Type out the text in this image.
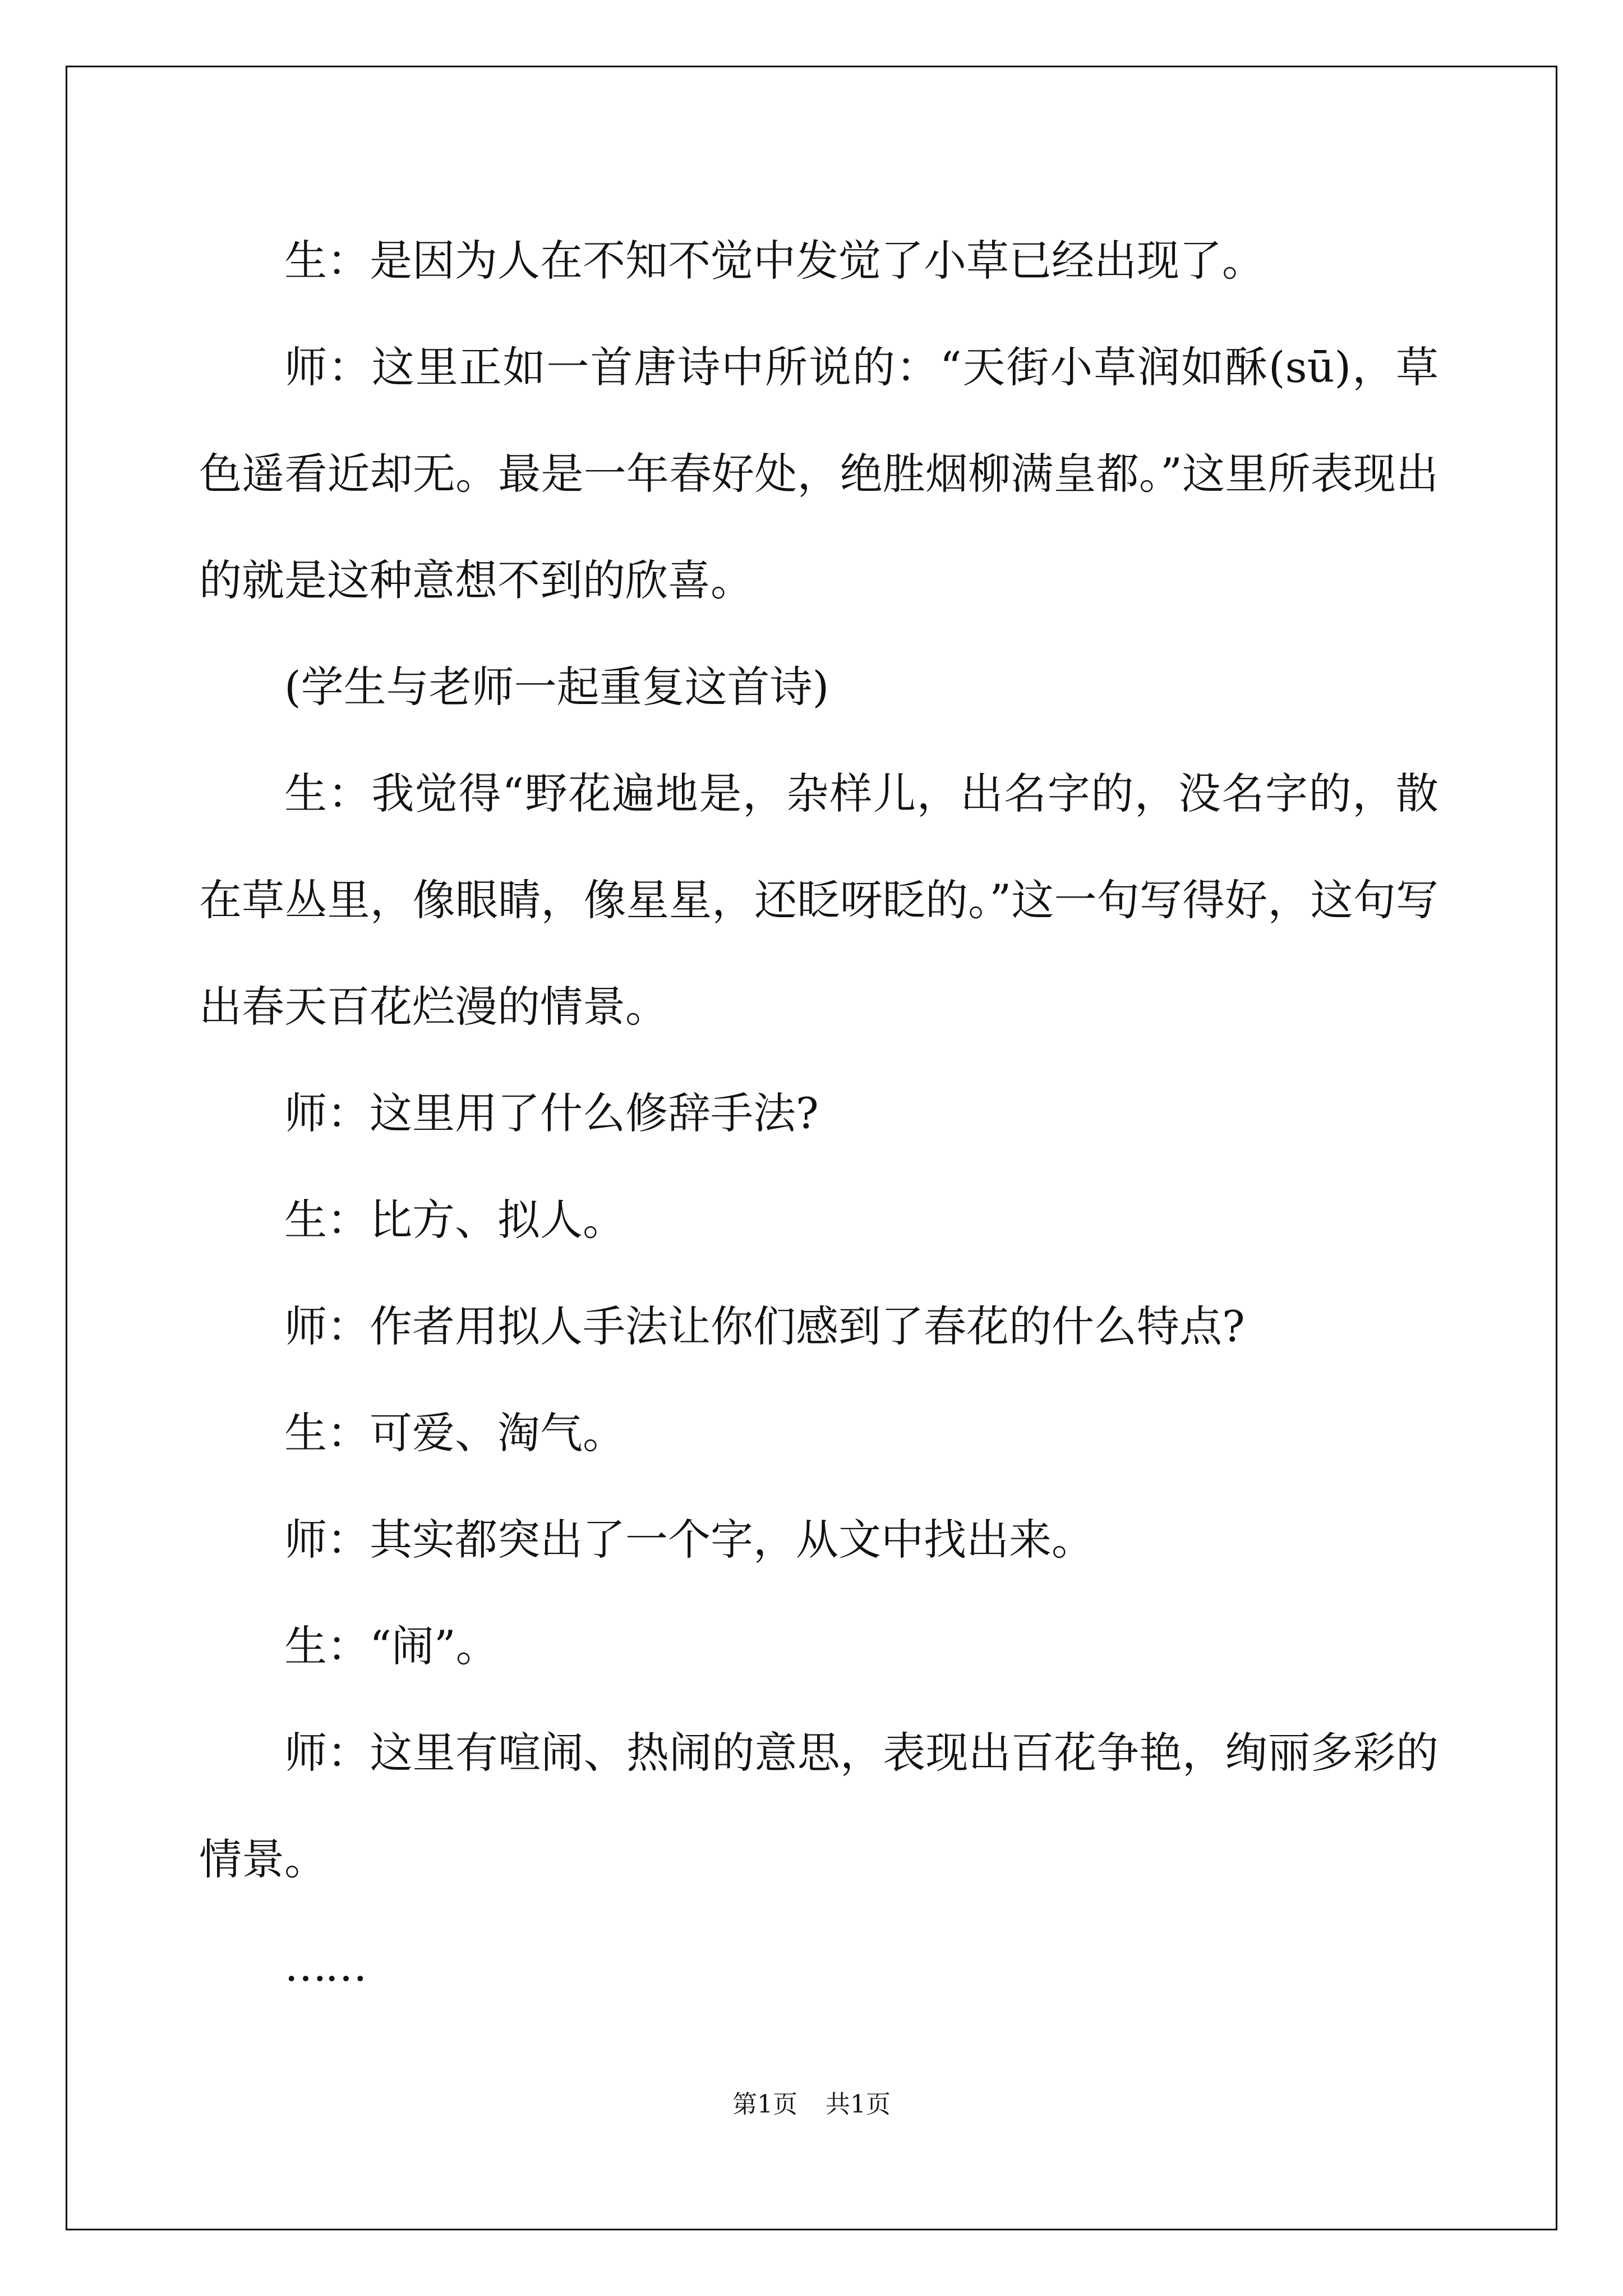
生：是因为人在不知不觉中发觉了小草已经出现了。

师：这里正如一首唐诗中所说的：“天街小草润如酥(sū)，草色遥看近却无。最是一年春好处，绝胜烟柳满皇都。”这里所表现出的就是这种意想不到的欣喜。

(学生与老师一起重复这首诗)

生：我觉得“野花遍地是，杂样儿，出名字的，没名字的，散在草丛里，像眼睛，像星星，还眨呀眨的。”这一句写得好，这句写出春天百花烂漫的情景。

师：这里用了什么修辞手法?

生：比方、拟人。

师：作者用拟人手法让你们感到了春花的什么特点?

生：可爱、淘气。

师：其实都突出了一个字，从文中找出来。

生：“闹”。

师：这里有喧闹、热闹的意思，表现出百花争艳，绚丽多彩的情景。

……

第1页 共1页
